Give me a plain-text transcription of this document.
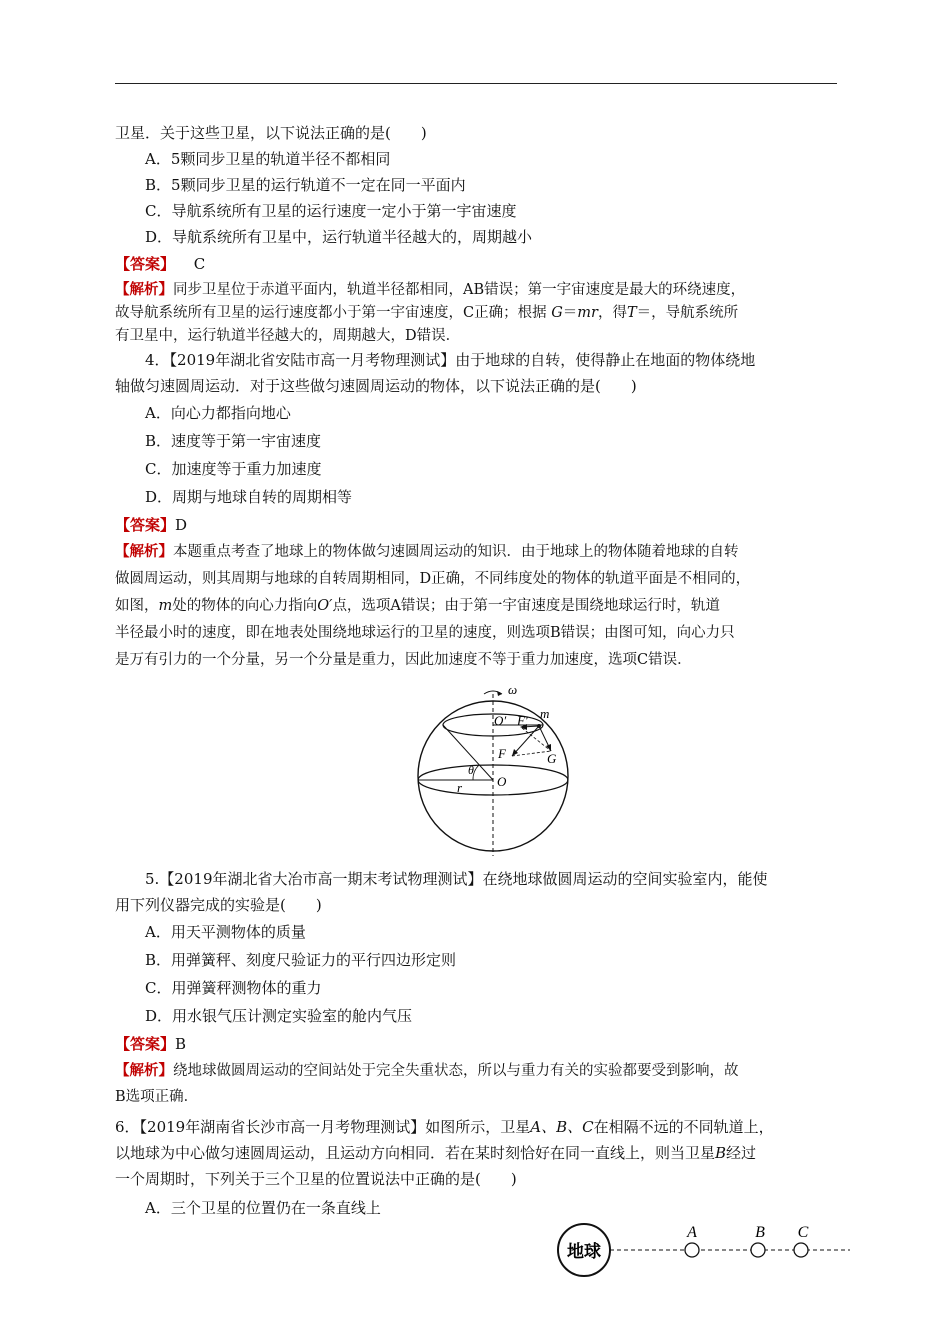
卫星．关于这些卫星，以下说法正确的是(　　)
A．5颗同步卫星的轨道半径不都相同
B．5颗同步卫星的运行轨道不一定在同一平面内
C．导航系统所有卫星的运行速度一定小于第一宇宙速度
D．导航系统所有卫星中，运行轨道半径越大的，周期越小
【答案】 C
【解析】同步卫星位于赤道平面内，轨道半径都相同，AB错误；第一宇宙速度是最大的环绕速度，
故导航系统所有卫星的运行速度都小于第一宇宙速度，C正确；根据 G＝mr，得T＝，导航系统所
有卫星中，运行轨道半径越大的，周期越大，D错误．
4．【2019年湖北省安陆市高一月考物理测试】由于地球的自转，使得静止在地面的物体绕地
轴做匀速圆周运动．对于这些做匀速圆周运动的物体，以下说法正确的是(　　)
A．向心力都指向地心
B．速度等于第一宇宙速度
C．加速度等于重力加速度
D．周期与地球自转的周期相等
【答案】D
【解析】本题重点考查了地球上的物体做匀速圆周运动的知识．由于地球上的物体随着地球的自转
做圆周运动，则其周期与地球的自转周期相同，D正确，不同纬度处的物体的轨道平面是不相同的，
如图，m处的物体的向心力指向O′点，选项A错误；由于第一宇宙速度是围绕地球运行时，轨道
半径最小时的速度，即在地表处围绕地球运行的卫星的速度，则选项B错误；由图可知，向心力只
是万有引力的一个分量，另一个分量是重力，因此加速度不等于重力加速度，选项C错误．
ω
O′ F′ m
F	G
θ
r	O
5.【2019年湖北省大冶市高一期末考试物理测试】在绕地球做圆周运动的空间实验室内，能使
用下列仪器完成的实验是(　　)
A．用天平测物体的质量
B．用弹簧秤、刻度尺验证力的平行四边形定则
C．用弹簧秤测物体的重力
D．用水银气压计测定实验室的舱内气压
【答案】B
【解析】绕地球做圆周运动的空间站处于完全失重状态，所以与重力有关的实验都要受到影响，故
B选项正确．
6．【2019年湖南省长沙市高一月考物理测试】如图所示，卫星A、B、C在相隔不远的不同轨道上，
以地球为中心做匀速圆周运动，且运动方向相同．若在某时刻恰好在同一直线上，则当卫星B经过
一个周期时，下列关于三个卫星的位置说法中正确的是(　　)
A．三个卫星的位置仍在一条直线上
地球
A	B C
